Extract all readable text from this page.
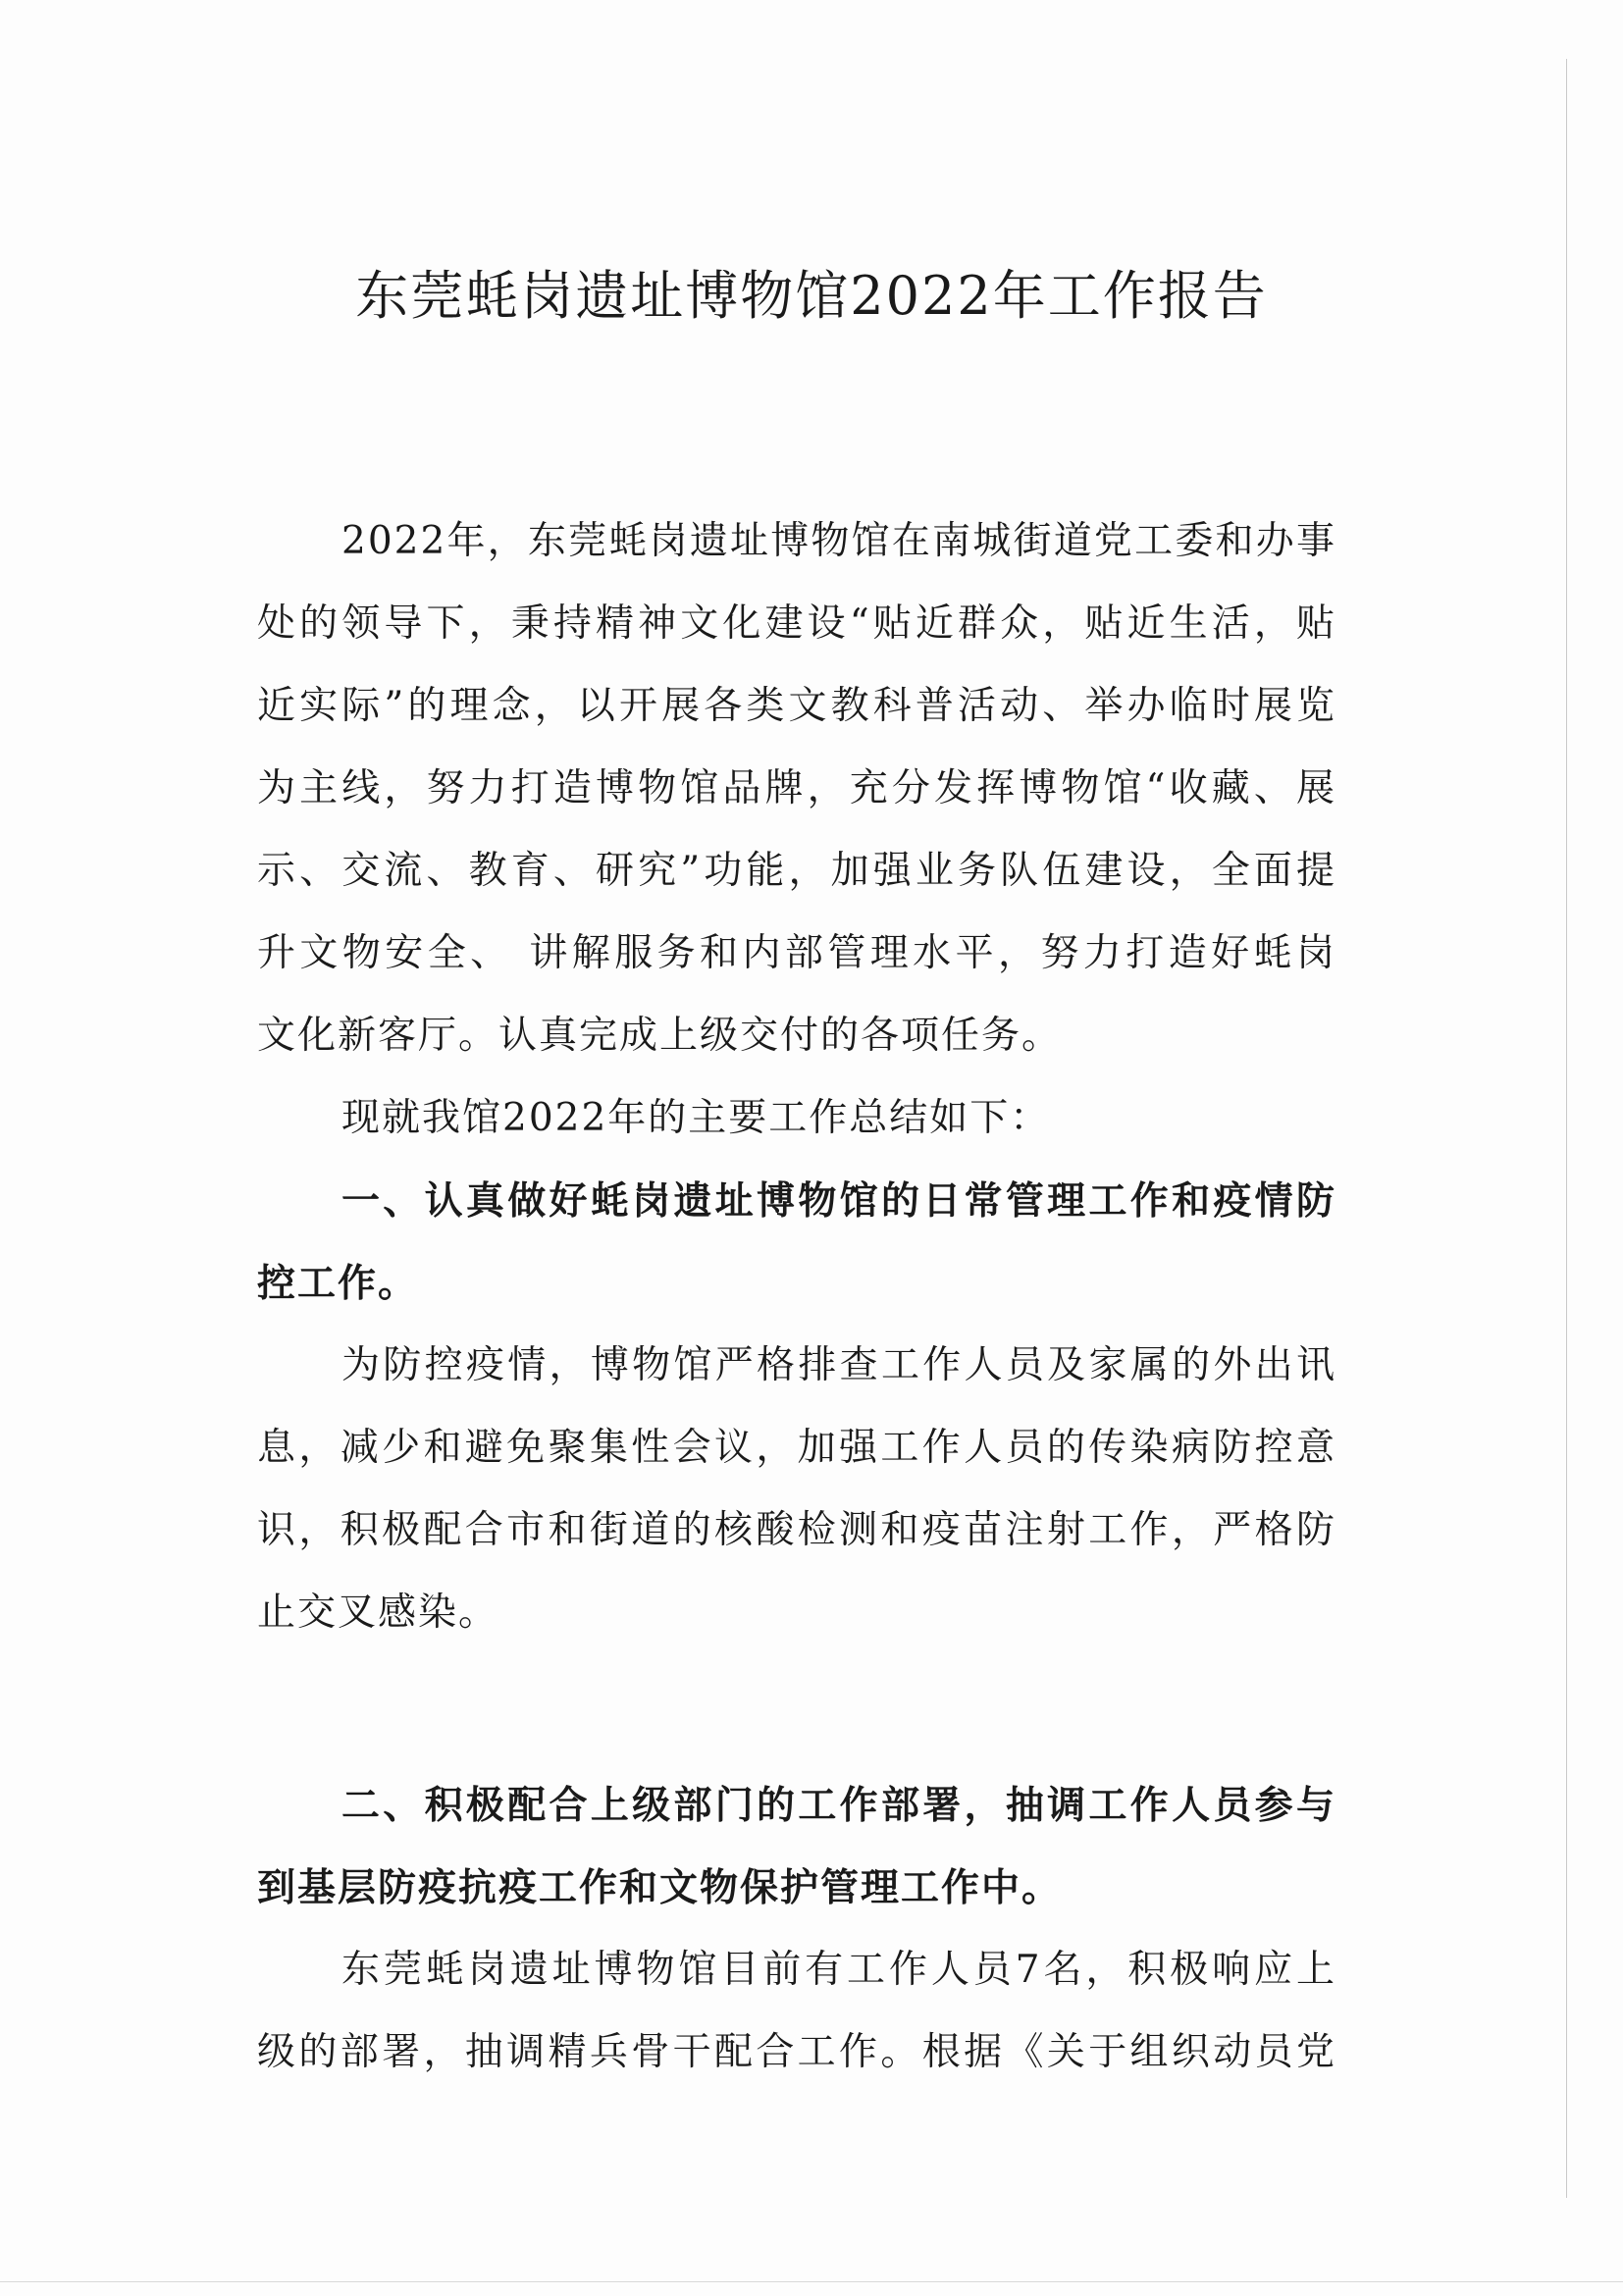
东莞蚝岗遗址博物馆2022年工作报告
2022年，东莞蚝岗遗址博物馆在南城街道党工委和办事
处的领导下，秉持精神文化建设“贴近群众，贴近生活，贴
近实际”的理念，以开展各类文教科普活动、举办临时展览
为主线，努力打造博物馆品牌，充分发挥博物馆“收藏、展
示、交流、教育、研究”功能，加强业务队伍建设，全面提
升文物安全、 讲解服务和内部管理水平，努力打造好蚝岗
文化新客厅。认真完成上级交付的各项任务。
现就我馆2022年的主要工作总结如下：
一、认真做好蚝岗遗址博物馆的日常管理工作和疫情防
控工作。
为防控疫情，博物馆严格排查工作人员及家属的外出讯
息，减少和避免聚集性会议，加强工作人员的传染病防控意
识，积极配合市和街道的核酸检测和疫苗注射工作，严格防
止交叉感染。
二、积极配合上级部门的工作部署，抽调工作人员参与
到基层防疫抗疫工作和文物保护管理工作中。
东莞蚝岗遗址博物馆目前有工作人员7名，积极响应上
级的部署，抽调精兵骨干配合工作。根据《关于组织动员党
